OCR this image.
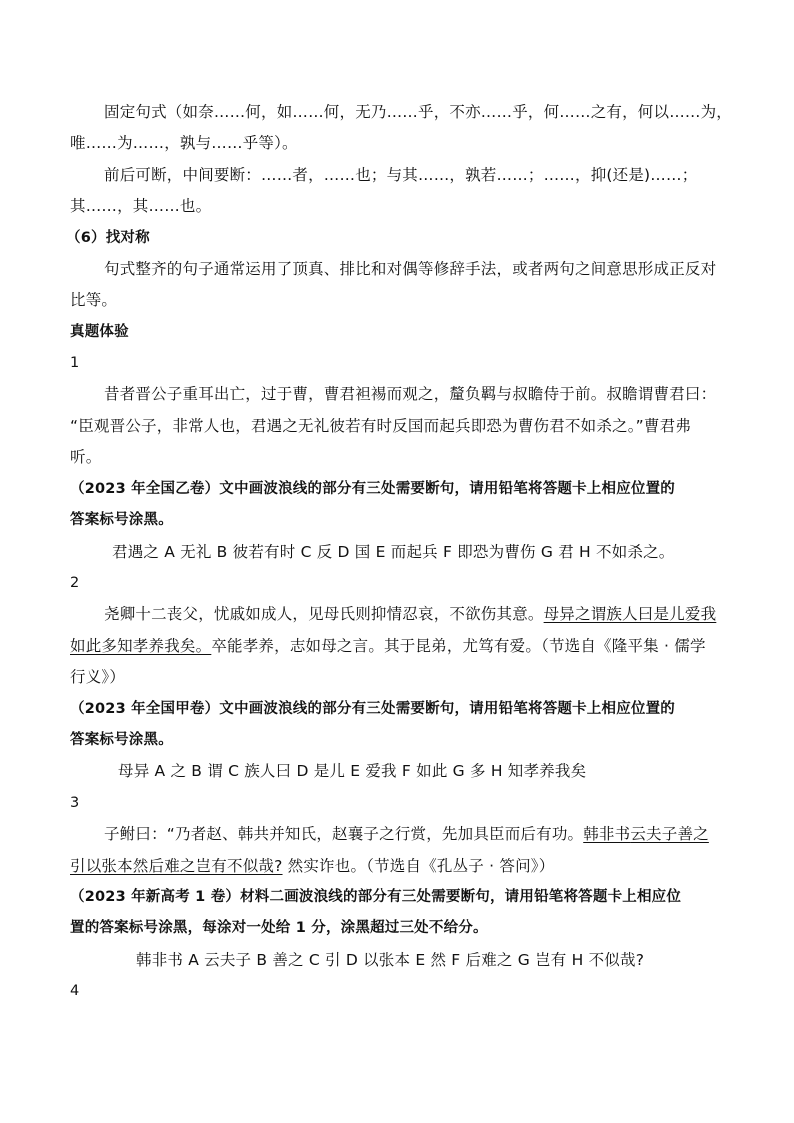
固定句式（如奈……何，如……何，无乃……乎，不亦……乎，何……之有，何以……为，
唯……为……，孰与……乎等）。
前后可断，中间要断：……者，……也；与其……，孰若……；……，抑(还是)……；
其……，其……也。
（6）找对称
句式整齐的句子通常运用了顶真、排比和对偶等修辞手法，或者两句之间意思形成正反对
比等。
真题体验
1
昔者晋公子重耳出亡，过于曹，曹君袒裼而观之，釐负羁与叔瞻侍于前。叔瞻谓曹君曰：
“臣观晋公子，非常人也，君遇之无礼彼若有时反国而起兵即恐为曹伤君不如杀之。”曹君弗
听。
（2023 年全国乙卷）文中画波浪线的部分有三处需要断句，请用铅笔将答题卡上相应位置的
答案标号涂黑。
君遇之 A 无礼 B 彼若有时 C 反 D 国 E 而起兵 F 即恐为曹伤 G 君 H 不如杀之。
2
尧卿十二丧父，忧戚如成人，见母氏则抑情忍哀，不欲伤其意。母异之谓族人曰是儿爱我
如此多知孝养我矣。卒能孝养，志如母之言。其于昆弟，尤笃有爱。（节选自《隆平集 · 儒学
行义》）
（2023 年全国甲卷）文中画波浪线的部分有三处需要断句，请用铅笔将答题卡上相应位置的
答案标号涂黑。
母异 A 之 B 谓 C 族人曰 D 是儿 E 爱我 F 如此 G 多 H 知孝养我矣
3
子鲋曰：“乃者赵、韩共并知氏，赵襄子之行赏，先加具臣而后有功。韩非书云夫子善之
引以张本然后难之岂有不似哉? 然实诈也。（节选自《孔丛子 · 答问》）
（2023 年新高考 1 卷）材料二画波浪线的部分有三处需要断句，请用铅笔将答题卡上相应位
置的答案标号涂黑，每涂对一处给 1 分，涂黑超过三处不给分。
韩非书 A 云夫子 B 善之 C 引 D 以张本 E 然 F 后难之 G 岂有 H 不似哉?
4
